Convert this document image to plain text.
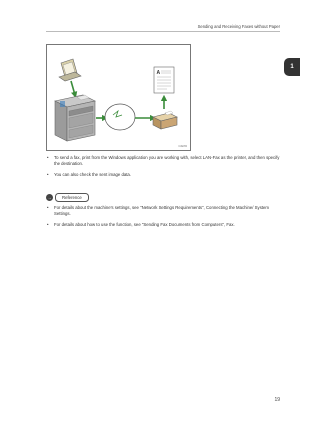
Sending and Receiving Faxes without Paper
1
A
CUE050
• To send a fax, print from the Windows application you are working with, select LAN-Fax as the printer, and then specify the destination.
• You can also check the sent image data.
→	Reference
• For details about the machine's settings, see "Network Settings Requirements", Connecting the Machine/ System Settings.
• For details about how to use the function, see "Sending Fax Documents from Computers", Fax.
19
